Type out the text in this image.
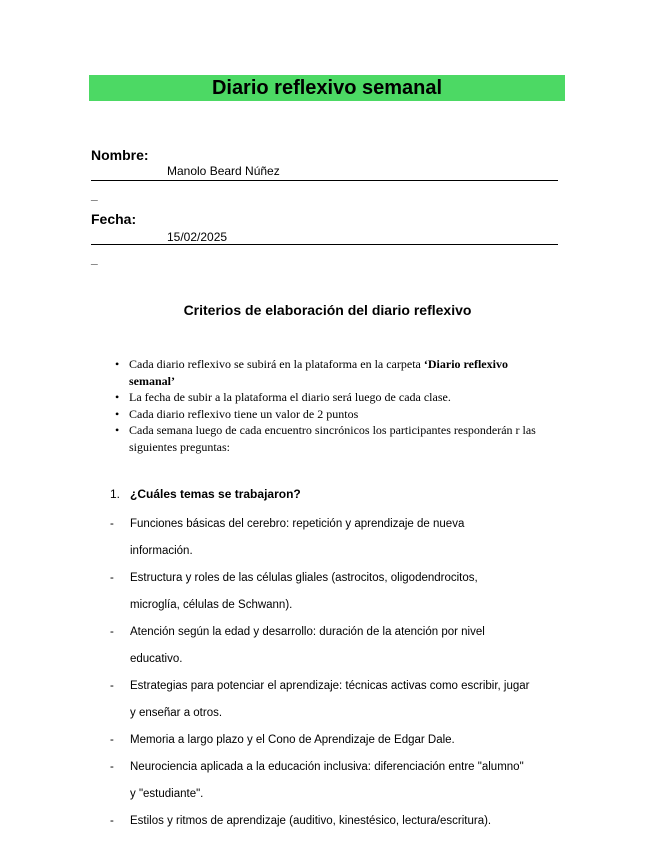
Diario reflexivo semanal
Nombre:
Manolo Beard Núñez
_
Fecha:
15/02/2025
_
Criterios de elaboración del diario reflexivo
• Cada diario reflexivo se subirá en la plataforma en la carpeta ‘Diario reflexivo semanal’
• La fecha de subir a la plataforma el diario será luego de cada clase.
• Cada diario reflexivo tiene un valor de 2 puntos
• Cada semana luego de cada encuentro sincrónicos los participantes responderán r las siguientes preguntas:
1. ¿Cuáles temas se trabajaron?
- Funciones básicas del cerebro: repetición y aprendizaje de nueva información.
- Estructura y roles de las células gliales (astrocitos, oligodendrocitos, microglía, células de Schwann).
- Atención según la edad y desarrollo: duración de la atención por nivel educativo.
- Estrategias para potenciar el aprendizaje: técnicas activas como escribir, jugar y enseñar a otros.
- Memoria a largo plazo y el Cono de Aprendizaje de Edgar Dale.
- Neurociencia aplicada a la educación inclusiva: diferenciación entre "alumno" y "estudiante".
- Estilos y ritmos de aprendizaje (auditivo, kinestésico, lectura/escritura).
